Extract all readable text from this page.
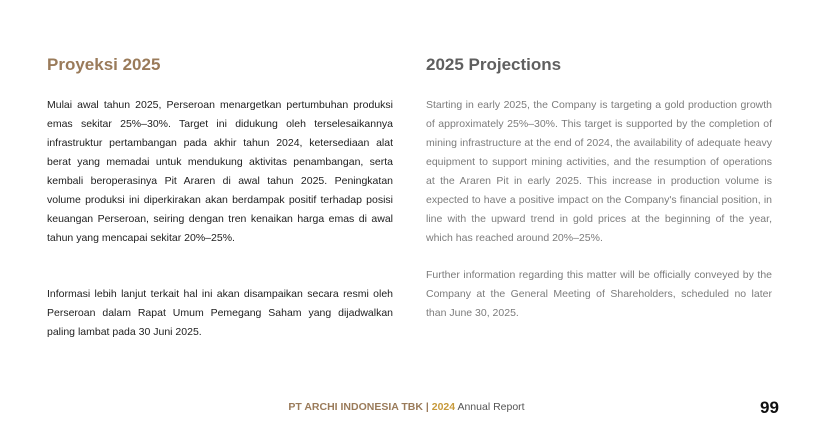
Proyeksi 2025

Mulai awal tahun 2025, Perseroan menargetkan pertumbuhan produksi emas sekitar 25%–30%. Target ini didukung oleh terselesaikannya infrastruktur pertambangan pada akhir tahun 2024, ketersediaan alat berat yang memadai untuk mendukung aktivitas penambangan, serta kembali beroperasinya Pit Araren di awal tahun 2025. Peningkatan volume produksi ini diperkirakan akan berdampak positif terhadap posisi keuangan Perseroan, seiring dengan tren kenaikan harga emas di awal tahun yang mencapai sekitar 20%–25%.

Informasi lebih lanjut terkait hal ini akan disampaikan secara resmi oleh Perseroan dalam Rapat Umum Pemegang Saham yang dijadwalkan paling lambat pada 30 Juni 2025.

2025 Projections

Starting in early 2025, the Company is targeting a gold production growth of approximately 25%–30%. This target is supported by the completion of mining infrastructure at the end of 2024, the availability of adequate heavy equipment to support mining activities, and the resumption of operations at the Araren Pit in early 2025. This increase in production volume is expected to have a positive impact on the Company's financial position, in line with the upward trend in gold prices at the beginning of the year, which has reached around 20%–25%.

Further information regarding this matter will be officially conveyed by the Company at the General Meeting of Shareholders, scheduled no later than June 30, 2025.

PT ARCHI INDONESIA TBK | 2024 Annual Report	99
